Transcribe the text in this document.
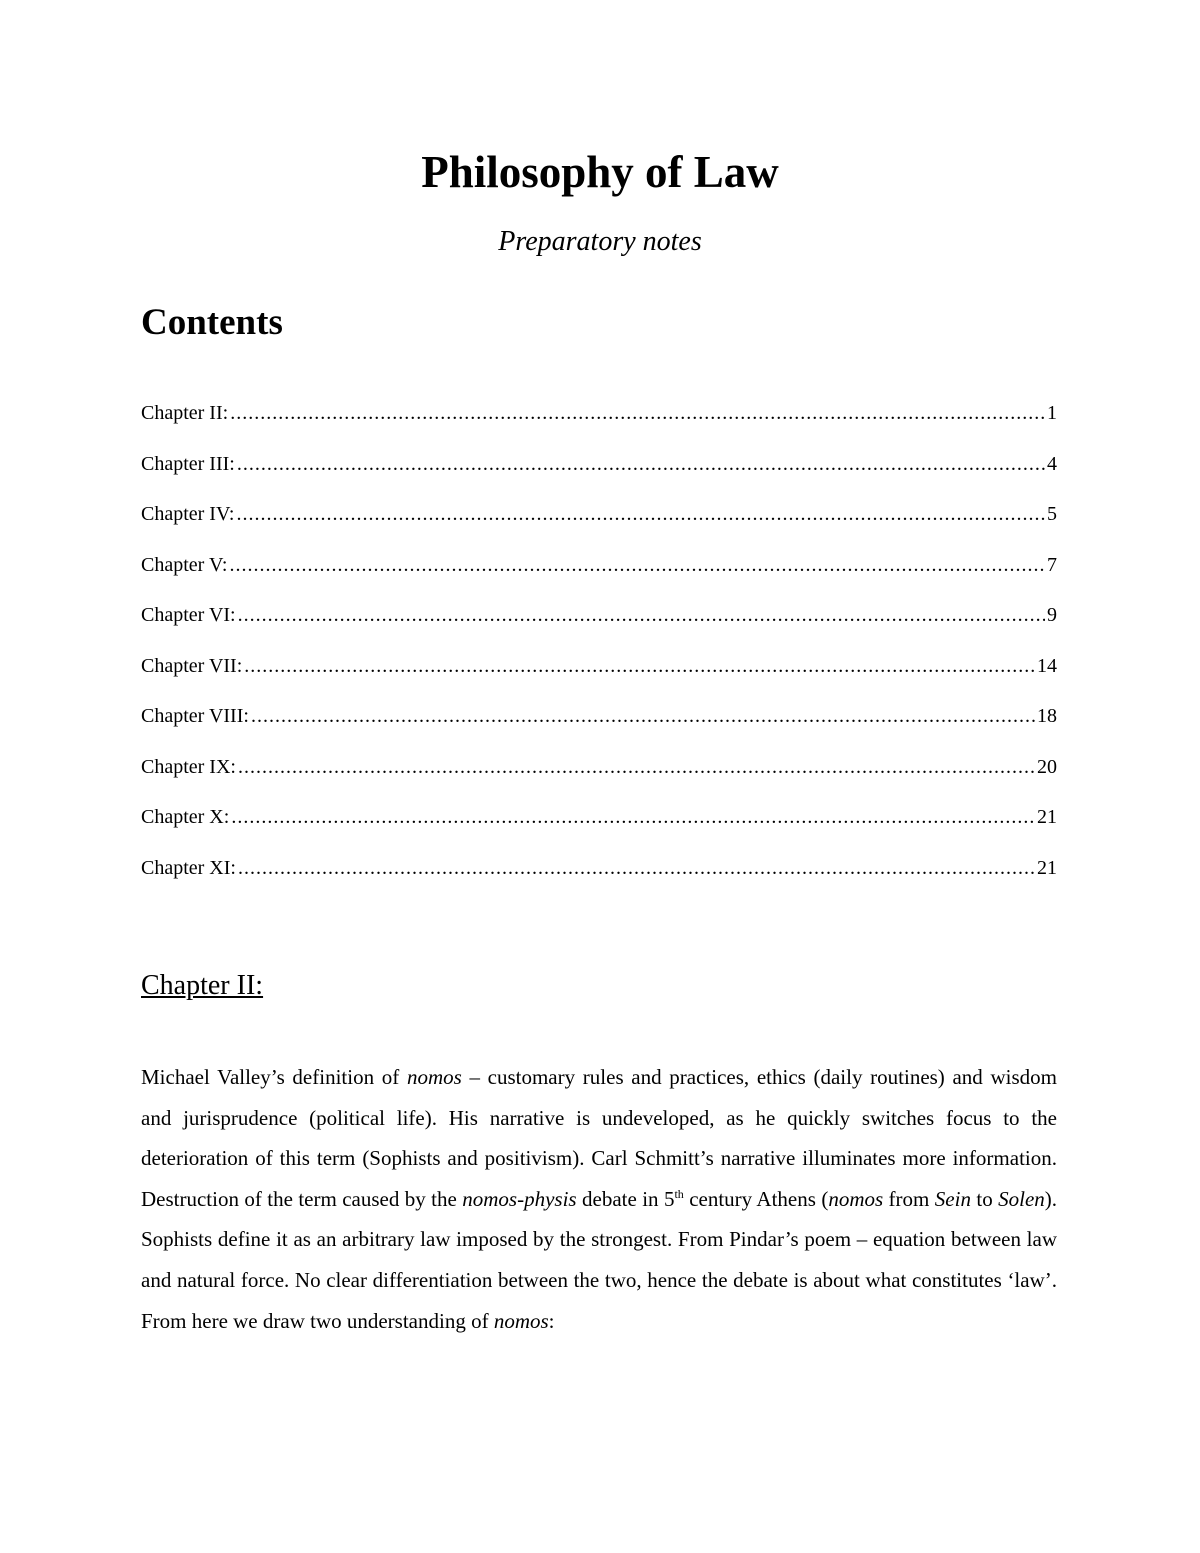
Philosophy of Law
Preparatory notes
Contents
Chapter II: .....	1
Chapter III: .....	4
Chapter IV: .....	5
Chapter V: .....	7
Chapter VI: .....	9
Chapter VII: .....	14
Chapter VIII: .....	18
Chapter IX: .....	20
Chapter X: .....	21
Chapter XI: .....	21
Chapter II:

Michael Valley’s definition of nomos – customary rules and practices, ethics (daily routines) and wisdom and jurisprudence (political life). His narrative is undeveloped, as he quickly switches focus to the deterioration of this term (Sophists and positivism). Carl Schmitt’s narrative illuminates more information. Destruction of the term caused by the nomos-physis debate in 5th century Athens (nomos from Sein to Solen). Sophists define it as an arbitrary law imposed by the strongest. From Pindar’s poem – equation between law and natural force. No clear differentiation between the two, hence the debate is about what constitutes ‘law’. From here we draw two understanding of nomos:
